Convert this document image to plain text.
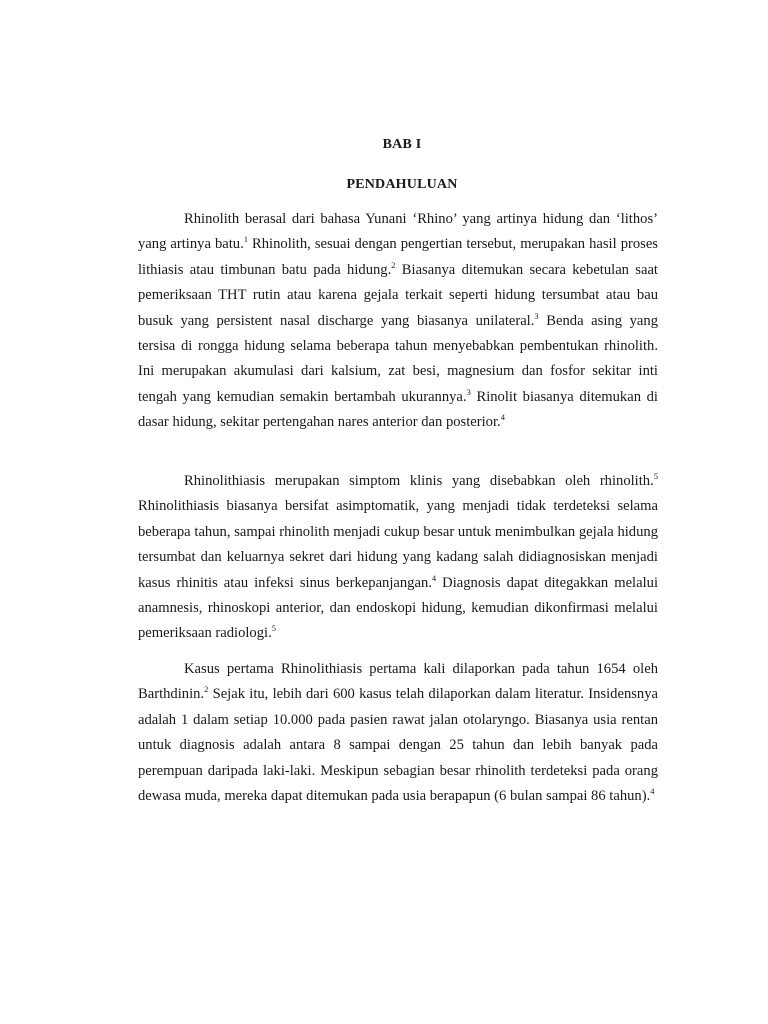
BAB I
PENDAHULUAN

Rhinolith berasal dari bahasa Yunani ‘Rhino’ yang artinya hidung dan ‘lithos’ yang artinya batu.$^1$ Rhinolith, sesuai dengan pengertian tersebut, merupakan hasil proses lithiasis atau timbunan batu pada hidung.$^2$ Biasanya ditemukan secara kebetulan saat pemeriksaan THT rutin atau karena gejala terkait seperti hidung tersumbat atau bau busuk yang persistent nasal discharge yang biasanya unilateral.$^3$ Benda asing yang tersisa di rongga hidung selama beberapa tahun menyebabkan pembentukan rhinolith. Ini merupakan akumulasi dari kalsium, zat besi, magnesium dan fosfor sekitar inti tengah yang kemudian semakin bertambah ukurannya.$^3$ Rinolit biasanya ditemukan di dasar hidung, sekitar pertengahan nares anterior dan posterior.$^4$

Rhinolithiasis merupakan simptom klinis yang disebabkan oleh rhinolith.$^5$ Rhinolithiasis biasanya bersifat asimptomatik, yang menjadi tidak terdeteksi selama beberapa tahun, sampai rhinolith menjadi cukup besar untuk menimbulkan gejala hidung tersumbat dan keluarnya sekret dari hidung yang kadang salah didiagnosiskan menjadi kasus rhinitis atau infeksi sinus berkepanjangan.$^4$ Diagnosis dapat ditegakkan melalui anamnesis, rhinoskopi anterior, dan endoskopi hidung, kemudian dikonfirmasi melalui pemeriksaan radiologi.$^5$

Kasus pertama Rhinolithiasis pertama kali dilaporkan pada tahun 1654 oleh Barthdinin.$^2$ Sejak itu, lebih dari 600 kasus telah dilaporkan dalam literatur. Insidensnya adalah 1 dalam setiap 10.000 pada pasien rawat jalan otolaryngo. Biasanya usia rentan untuk diagnosis adalah antara 8 sampai dengan 25 tahun dan lebih banyak pada perempuan daripada laki-laki. Meskipun sebagian besar rhinolith terdeteksi pada orang dewasa muda, mereka dapat ditemukan pada usia berapapun (6 bulan sampai 86 tahun).$^4$
